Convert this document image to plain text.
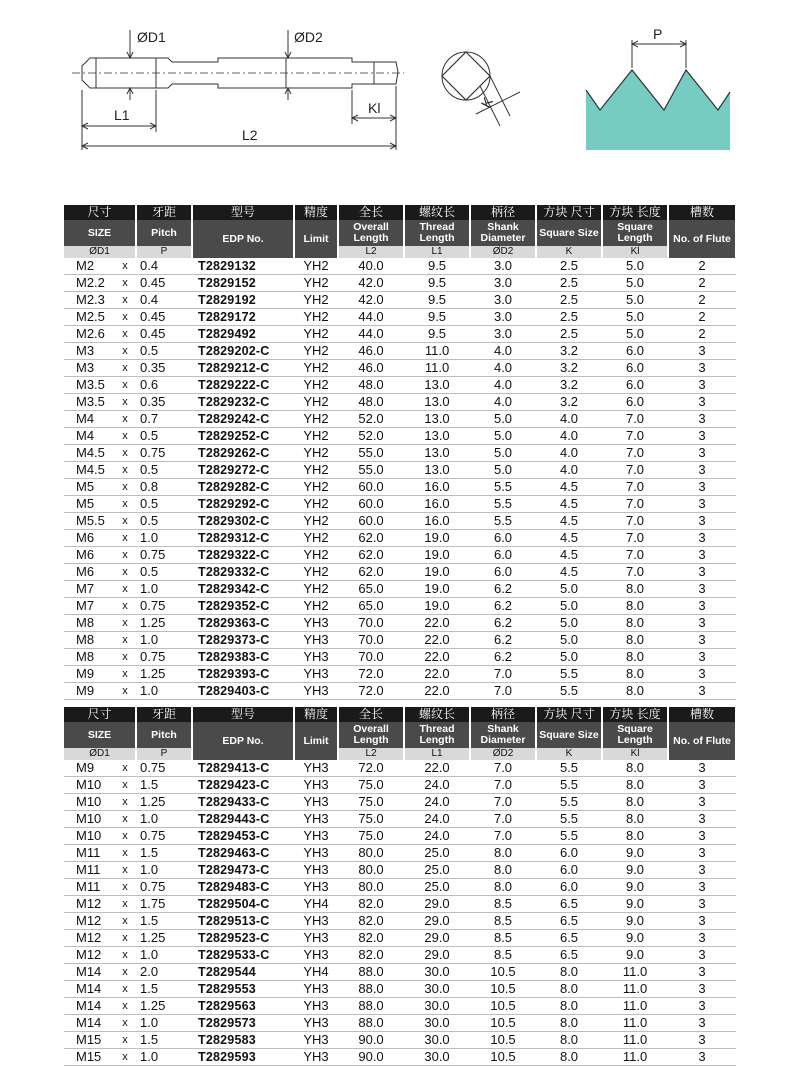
ØD1	ØD2
L1
L2
Kl	K
P
尺寸		牙距	型号	精度	全长	螺纹长	柄径	方块 尺寸	方块 长度	槽数
SIZE		Pitch	EDP No.	Limit	Overall Length	Thread Length	Shank Diameter	Square Size	Square Length	No. of Flute
ØD1		P			L2	L1	ØD2	K	Kl	
M2	x	0.4	T2829132	YH2	40.0	9.5	3.0	2.5	5.0	2
M2.2	x	0.45	T2829152	YH2	42.0	9.5	3.0	2.5	5.0	2
M2.3	x	0.4	T2829192	YH2	42.0	9.5	3.0	2.5	5.0	2
M2.5	x	0.45	T2829172	YH2	44.0	9.5	3.0	2.5	5.0	2
M2.6	x	0.45	T2829492	YH2	44.0	9.5	3.0	2.5	5.0	2
M3	x	0.5	T2829202-C	YH2	46.0	11.0	4.0	3.2	6.0	3
M3	x	0.35	T2829212-C	YH2	46.0	11.0	4.0	3.2	6.0	3
M3.5	x	0.6	T2829222-C	YH2	48.0	13.0	4.0	3.2	6.0	3
M3.5	x	0.35	T2829232-C	YH2	48.0	13.0	4.0	3.2	6.0	3
M4	x	0.7	T2829242-C	YH2	52.0	13.0	5.0	4.0	7.0	3
M4	x	0.5	T2829252-C	YH2	52.0	13.0	5.0	4.0	7.0	3
M4.5	x	0.75	T2829262-C	YH2	55.0	13.0	5.0	4.0	7.0	3
M4.5	x	0.5	T2829272-C	YH2	55.0	13.0	5.0	4.0	7.0	3
M5	x	0.8	T2829282-C	YH2	60.0	16.0	5.5	4.5	7.0	3
M5	x	0.5	T2829292-C	YH2	60.0	16.0	5.5	4.5	7.0	3
M5.5	x	0.5	T2829302-C	YH2	60.0	16.0	5.5	4.5	7.0	3
M6	x	1.0	T2829312-C	YH2	62.0	19.0	6.0	4.5	7.0	3
M6	x	0.75	T2829322-C	YH2	62.0	19.0	6.0	4.5	7.0	3
M6	x	0.5	T2829332-C	YH2	62.0	19.0	6.0	4.5	7.0	3
M7	x	1.0	T2829342-C	YH2	65.0	19.0	6.2	5.0	8.0	3
M7	x	0.75	T2829352-C	YH2	65.0	19.0	6.2	5.0	8.0	3
M8	x	1.25	T2829363-C	YH3	70.0	22.0	6.2	5.0	8.0	3
M8	x	1.0	T2829373-C	YH3	70.0	22.0	6.2	5.0	8.0	3
M8	x	0.75	T2829383-C	YH3	70.0	22.0	6.2	5.0	8.0	3
M9	x	1.25	T2829393-C	YH3	72.0	22.0	7.0	5.5	8.0	3
M9	x	1.0	T2829403-C	YH3	72.0	22.0	7.0	5.5	8.0	3
尺寸		牙距	型号	精度	全长	螺纹长	柄径	方块 尺寸	方块 长度	槽数
SIZE		Pitch	EDP No.	Limit	Overall Length	Thread Length	Shank Diameter	Square Size	Square Length	No. of Flute
ØD1		P			L2	L1	ØD2	K	Kl	
M9	x	0.75	T2829413-C	YH3	72.0	22.0	7.0	5.5	8.0	3
M10	x	1.5	T2829423-C	YH3	75.0	24.0	7.0	5.5	8.0	3
M10	x	1.25	T2829433-C	YH3	75.0	24.0	7.0	5.5	8.0	3
M10	x	1.0	T2829443-C	YH3	75.0	24.0	7.0	5.5	8.0	3
M10	x	0.75	T2829453-C	YH3	75.0	24.0	7.0	5.5	8.0	3
M11	x	1.5	T2829463-C	YH3	80.0	25.0	8.0	6.0	9.0	3
M11	x	1.0	T2829473-C	YH3	80.0	25.0	8.0	6.0	9.0	3
M11	x	0.75	T2829483-C	YH3	80.0	25.0	8.0	6.0	9.0	3
M12	x	1.75	T2829504-C	YH4	82.0	29.0	8.5	6.5	9.0	3
M12	x	1.5	T2829513-C	YH3	82.0	29.0	8.5	6.5	9.0	3
M12	x	1.25	T2829523-C	YH3	82.0	29.0	8.5	6.5	9.0	3
M12	x	1.0	T2829533-C	YH3	82.0	29.0	8.5	6.5	9.0	3
M14	x	2.0	T2829544	YH4	88.0	30.0	10.5	8.0	11.0	3
M14	x	1.5	T2829553	YH3	88.0	30.0	10.5	8.0	11.0	3
M14	x	1.25	T2829563	YH3	88.0	30.0	10.5	8.0	11.0	3
M14	x	1.0	T2829573	YH3	88.0	30.0	10.5	8.0	11.0	3
M15	x	1.5	T2829583	YH3	90.0	30.0	10.5	8.0	11.0	3
M15	x	1.0	T2829593	YH3	90.0	30.0	10.5	8.0	11.0	3
